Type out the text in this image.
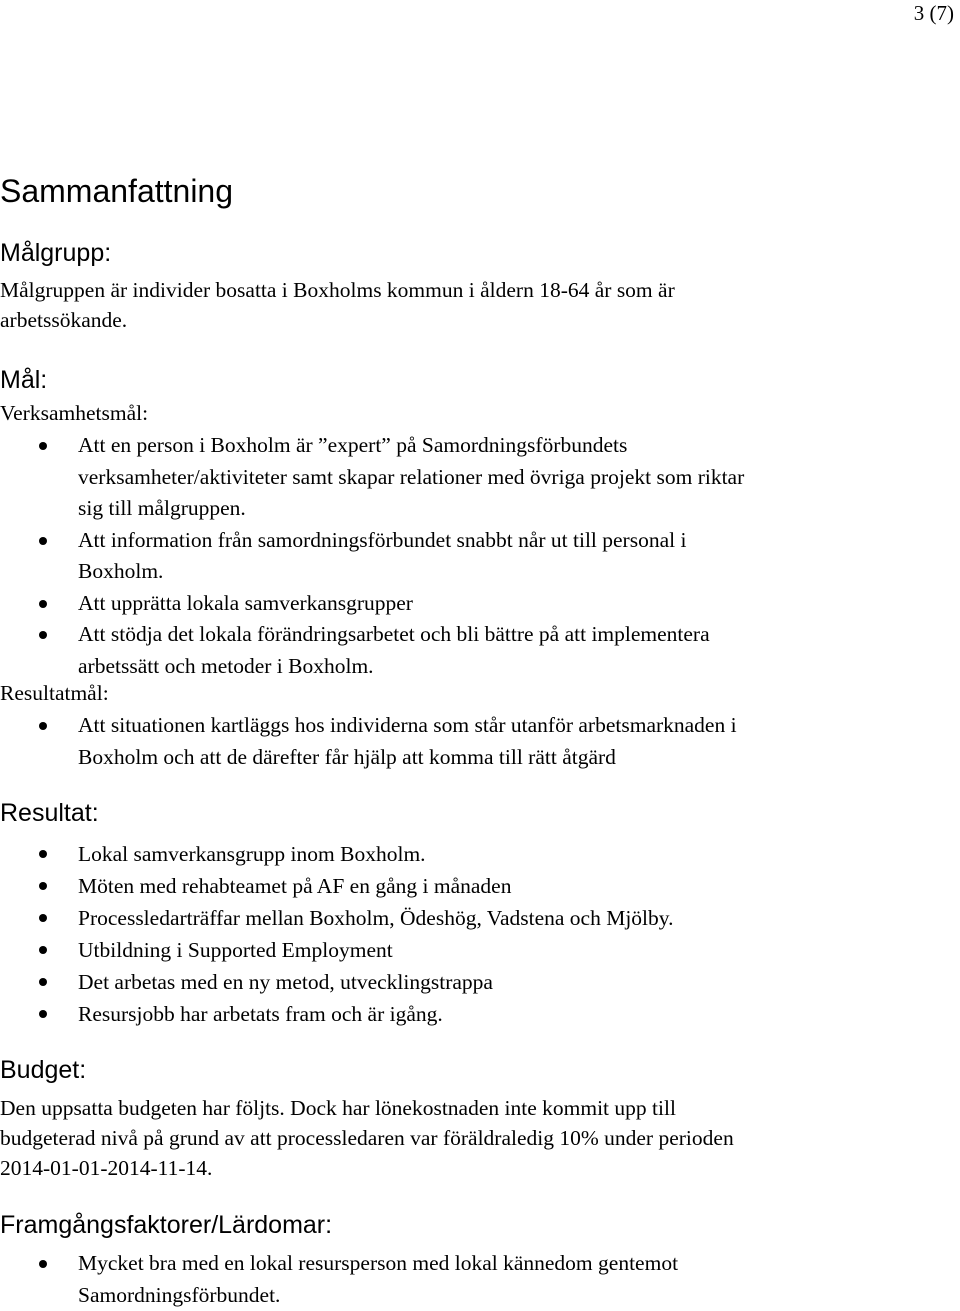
3 (7)
Sammanfattning
Målgrupp:
Målgruppen är individer bosatta i Boxholms kommun i åldern 18-64 år som är
arbetssökande.
Mål:
Verksamhetsmål:
Att en person i Boxholm är ”expert” på Samordningsförbundets
verksamheter/aktiviteter samt skapar relationer med övriga projekt som riktar
sig till målgruppen.
Att information från samordningsförbundet snabbt når ut till personal i
Boxholm.
Att upprätta lokala samverkansgrupper
Att stödja det lokala förändringsarbetet och bli bättre på att implementera
arbetssätt och metoder i Boxholm.
Resultatmål:
Att situationen kartläggs hos individerna som står utanför arbetsmarknaden i
Boxholm och att de därefter får hjälp att komma till rätt åtgärd
Resultat:
Lokal samverkansgrupp inom Boxholm.
Möten med rehabteamet på AF en gång i månaden
Processledarträffar mellan Boxholm, Ödeshög, Vadstena och Mjölby.
Utbildning i Supported Employment
Det arbetas med en ny metod, utvecklingstrappa
Resursjobb har arbetats fram och är igång.
Budget:
Den uppsatta budgeten har följts. Dock har lönekostnaden inte kommit upp till
budgeterad nivå på grund av att processledaren var föräldraledig 10% under perioden
2014-01-01-2014-11-14.
Framgångsfaktorer/Lärdomar:
Mycket bra med en lokal resursperson med lokal kännedom gentemot
Samordningsförbundet.
